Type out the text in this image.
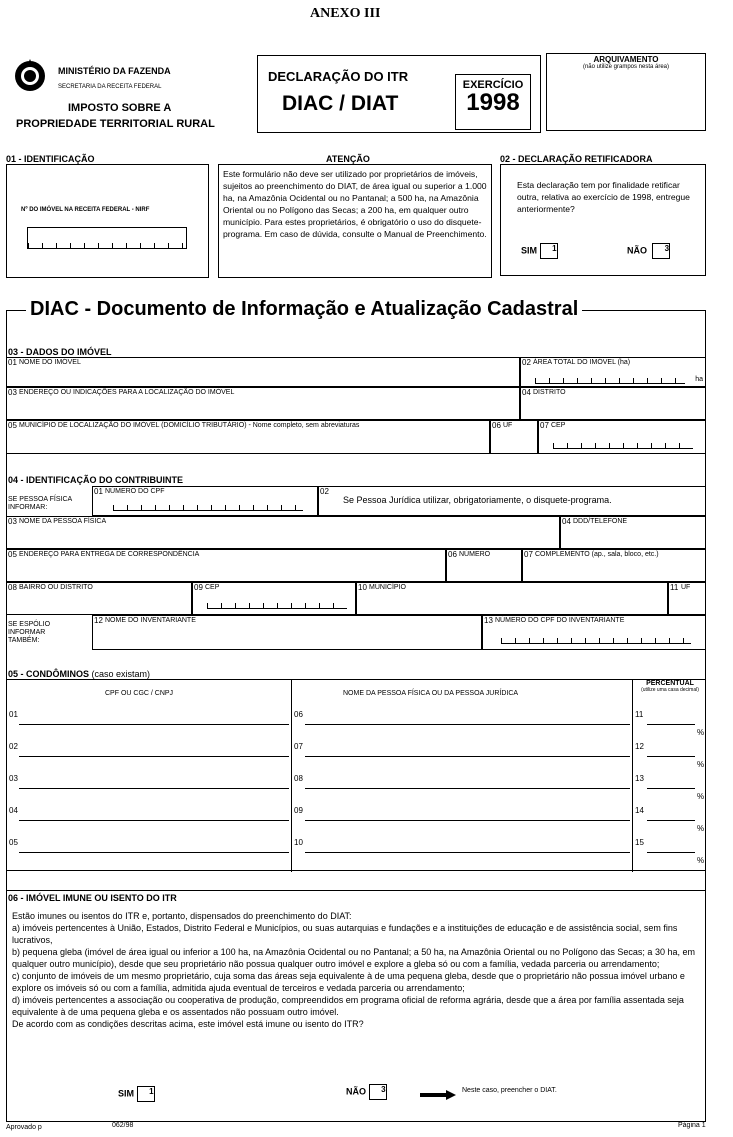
ANEXO III
MINISTÉRIO DA FAZENDA
SECRETARIA DA RECEITA FEDERAL
IMPOSTO SOBRE A
PROPRIEDADE TERRITORIAL RURAL
DECLARAÇÃO DO ITR
DIAC / DIAT
EXERCÍCIO
1998
ARQUIVAMENTO
(não utilize grampos nesta área)
01 - IDENTIFICAÇÃO
Nº DO IMÓVEL NA RECEITA FEDERAL - NIRF
ATENÇÃO

Este formulário não deve ser utilizado por proprietários de imóveis, sujeitos ao preenchimento do DIAT, de área igual ou superior a 1.000 ha, na Amazônia Ocidental ou no Pantanal; a 500 ha, na Amazônia Oriental ou no Polígono das Secas; a 200 ha, em qualquer outro município. Para estes proprietários, é obrigatório o uso do disquete-programa. Em caso de dúvida, consulte o Manual de Preenchimento.

02 - DECLARAÇÃO RETIFICADORA
Esta declaração tem por finalidade retificar outra, relativa ao exercício de 1998, entregue anteriormente?
SIM 1	NÃO 3
DIAC - Documento de Informação e Atualização Cadastral
03 - DADOS DO IMÓVEL
01 NOME DO IMÓVEL	02 ÁREA TOTAL DO IMÓVEL (ha)
ha
03 ENDEREÇO OU INDICAÇÕES PARA A LOCALIZAÇÃO DO IMÓVEL	04 DISTRITO
05 MUNICÍPIO DE LOCALIZAÇÃO DO IMÓVEL (DOMICÍLIO TRIBUTÁRIO) - Nome completo, sem abreviaturas	06 UF	07 CEP
04 - IDENTIFICAÇÃO DO CONTRIBUINTE
SE PESSOA FÍSICA INFORMAR:
01 NÚMERO DO CPF	02
Se Pessoa Jurídica utilizar, obrigatoriamente, o disquete-programa.
03 NOME DA PESSOA FÍSICA	04 DDD/TELEFONE
05 ENDEREÇO PARA ENTREGA DE CORRESPONDÊNCIA	06 NÚMERO	07 COMPLEMENTO (ap., sala, bloco, etc.)
08 BAIRRO OU DISTRITO	09 CEP	10 MUNICÍPIO	11 UF
SE ESPÓLIO INFORMAR TAMBÉM:
12 NOME DO INVENTARIANTE	13 NÚMERO DO CPF DO INVENTARIANTE
05 - CONDÔMINOS (caso existam)
CPF OU CGC / CNPJ	NOME DA PESSOA FÍSICA OU DA PESSOA JURÍDICA
PERCENTUAL
(utilize uma casa decimal)
01	06	11
%
02	07	12
%
03	08	13
%
04	09	14
%
05	10	15
%
06 - IMÓVEL IMUNE OU ISENTO DO ITR

Estão imunes ou isentos do ITR e, portanto, dispensados do preenchimento do DIAT:

a) imóveis pertencentes à União, Estados, Distrito Federal e Municípios, ou suas autarquias e fundações e a instituições de educação e de assistência social, sem fins lucrativos,

b) pequena gleba (imóvel de área igual ou inferior a 100 ha, na Amazônia Ocidental ou no Pantanal; a 50 ha, na Amazônia Oriental ou no Polígono das Secas; a 30 ha, em qualquer outro município), desde que seu proprietário não possua qualquer outro imóvel e explore a gleba só ou com a família, vedada parceria ou arrendamento;

c) conjunto de imóveis de um mesmo proprietário, cuja soma das áreas seja equivalente à de uma pequena gleba, desde que o proprietário não possua imóvel urbano e explore os imóveis só ou com a família, admitida ajuda eventual de terceiros e vedada parceria ou arrendamento;

d) imóveis pertencentes a associação ou cooperativa de produção, compreendidos em programa oficial de reforma agrária, desde que a área por família assentada seja equivalente à de uma pequena gleba e os assentados não possuam outro imóvel.

De acordo com as condições descritas acima, este imóvel está imune ou isento do ITR?

SIM 1	NÃO 3	Neste caso, preencher o DIAT.
Aprovado p	062/98	Página 1
